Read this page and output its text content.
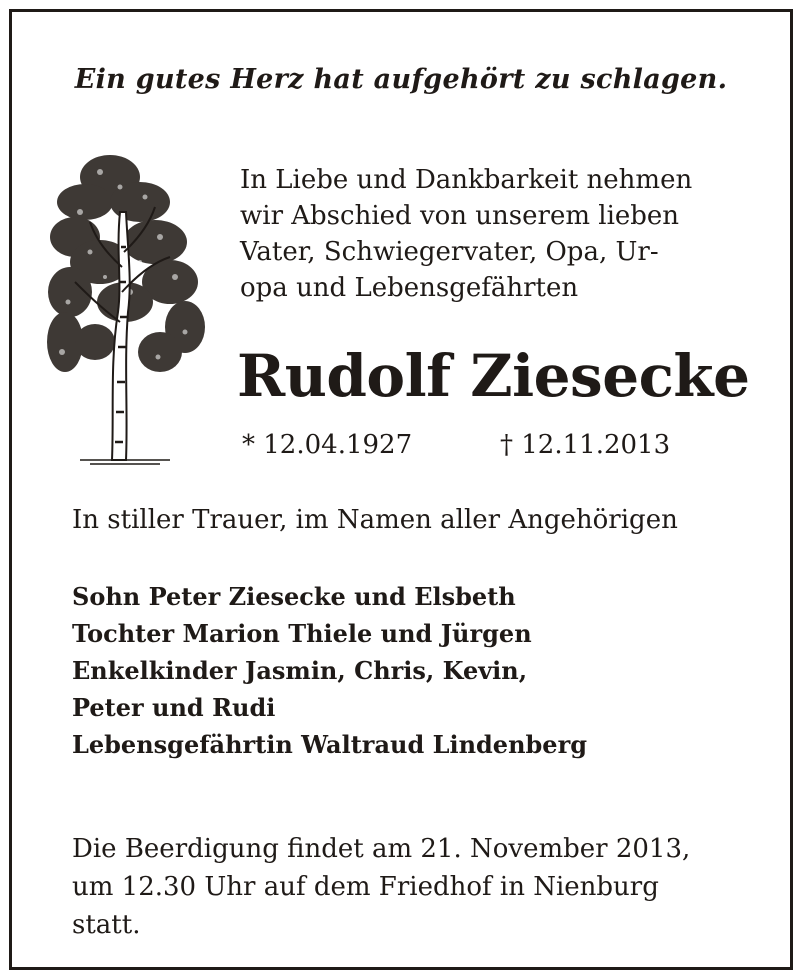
Ein gutes Herz hat aufgehört zu schlagen.
In Liebe und Dankbarkeit nehmen
wir Abschied von unserem lieben
Vater, Schwiegervater, Opa, Ur-
opa und Lebensgefährten
Rudolf Ziesecke
* 12.04.1927	† 12.11.2013
In stiller Trauer, im Namen aller Angehörigen
Sohn Peter Ziesecke und Elsbeth
Tochter Marion Thiele und Jürgen
Enkelkinder Jasmin, Chris, Kevin,
Peter und Rudi
Lebensgefährtin Waltraud Lindenberg
Die Beerdigung findet am 21. November 2013,
um 12.30 Uhr auf dem Friedhof in Nienburg
statt.
